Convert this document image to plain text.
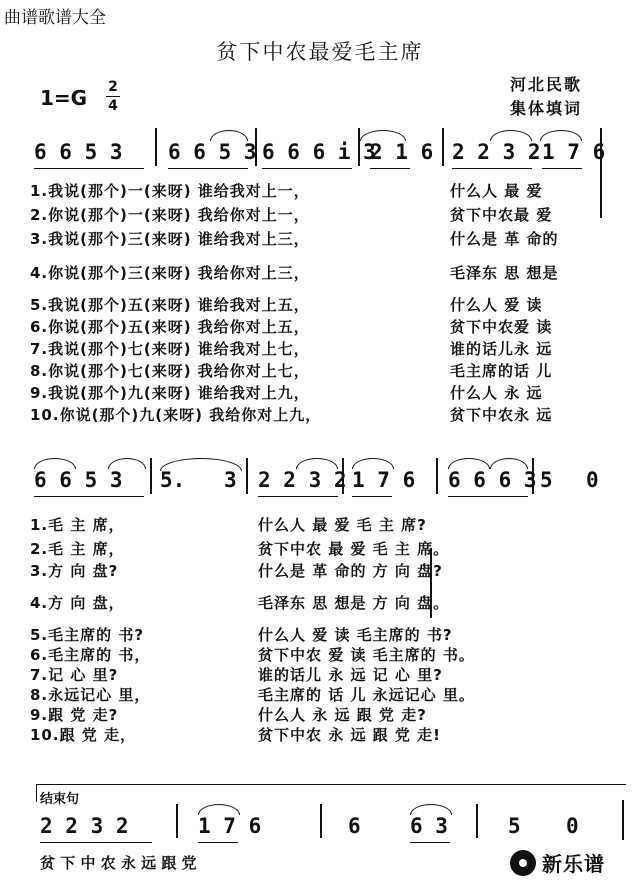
曲谱歌谱大全
贫下中农最爱毛主席
1=G 2
4
河北民歌
集体填词
6 6 5 3 6 6 5 3 6 6 6 i 3
2 1 6 2 2 3 2 1 7 6
1.我说(那个)一(来呀) 谁给我对上一，	什么人 最 爱
2.你说(那个)一(来呀) 我给你对上一，	贫下中农最 爱
3.我说(那个)三(来呀) 谁给我对上三，	什么是 革 命的
4.你说(那个)三(来呀) 我给你对上三，	毛泽东 思 想是
5.我说(那个)五(来呀) 谁给我对上五，	什么人 爱 读
6.你说(那个)五(来呀) 我给你对上五，	贫下中农爱 读
7.我说(那个)七(来呀) 谁给我对上七，	谁的话儿永 远
8.你说(那个)七(来呀) 我给你对上七，	毛主席的话 儿
9.我说(那个)九(来呀) 谁给我对上九，	什么人 永 远
10.你说(那个)九(来呀) 我给你对上九，	贫下中农永 远
6 6 5 3 5. 3 2 2 3 2 1 7 6 6 6 6 3 5 0
1.毛 主 席，	什么人 最 爱 毛 主 席?
2.毛 主 席，	贫下中农 最 爱 毛 主 席。
3.方 向 盘?	什么是 革 命的 方 向 盘?
4.方 向 盘，	毛泽东 思 想是 方 向 盘。
5.毛主席的 书?	什么人 爱 读 毛主席的 书?
6.毛主席的 书，	贫下中农 爱 读 毛主席的 书。
7.记 心 里?	谁的话儿 永 远 记 心 里?
8.永远记心 里，	毛主席的 话 儿 永远记心 里。
9.跟 党 走?	什么人 永 远 跟 党 走?
10.跟 党 走，	贫下中农 永 远 跟 党 走!
结束句
2 2 3 2	1 7 6	6 6 3	5 0
贫 下 中 农 永 远 跟 党	新乐谱
